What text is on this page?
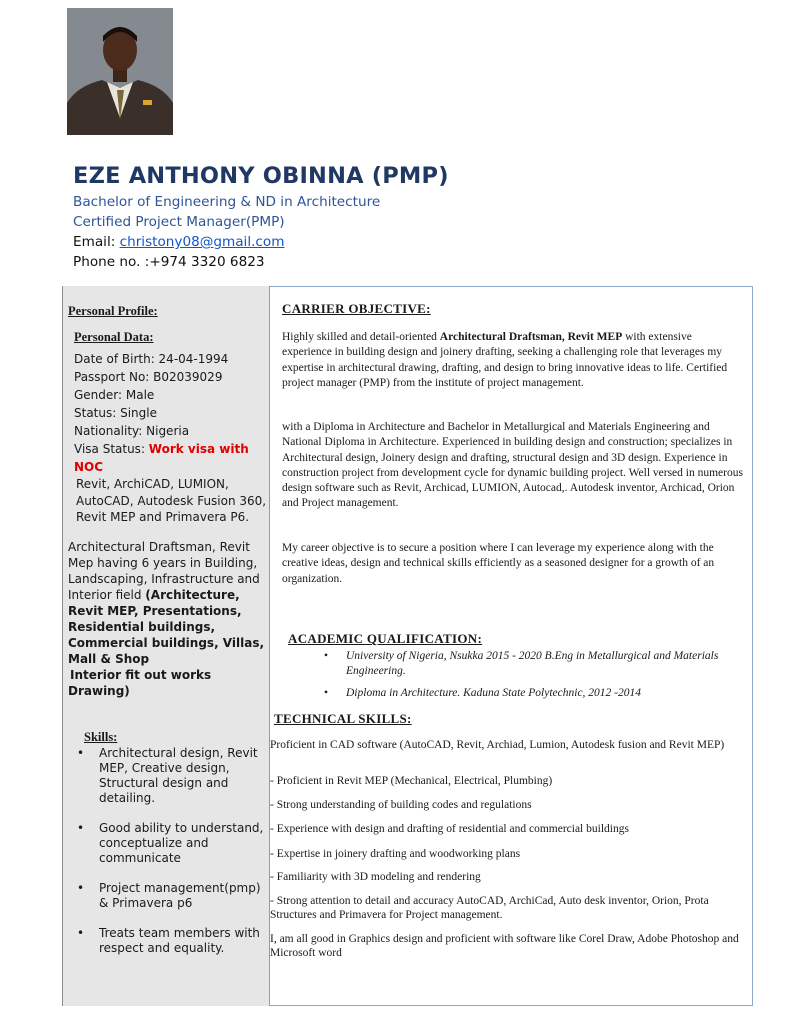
EZE ANTHONY OBINNA (PMP)
Bachelor of Engineering & ND in Architecture
Certified Project Manager(PMP)
Email: christony08@gmail.com
Phone no. :+974 3320 6823
Personal Profile:
Personal Data:
Date of Birth: 24-04-1994
Passport No: B02039029
Gender: Male
Status: Single
Nationality: Nigeria
Visa Status: Work visa with NOC
Revit, ArchiCAD, LUMION, AutoCAD, Autodesk Fusion 360, Revit MEP and Primavera P6.
Architectural Draftsman, Revit Mep having 6 years in Building, Landscaping, Infrastructure and Interior field (Architecture, Revit MEP, Presentations, Residential buildings, Commercial buildings, Villas, Mall & Shop
Interior fit out works Drawing)
Skills:
• Architectural design, Revit MEP, Creative design, Structural design and detailing.
• Good ability to understand, conceptualize and communicate
• Project management(pmp) & Primavera p6
• Treats team members with respect and equality.
CARRIER OBJECTIVE:
Highly skilled and detail-oriented Architectural Draftsman, Revit MEP with extensive experience in building design and joinery drafting, seeking a challenging role that leverages my expertise in architectural drawing, drafting, and design to bring innovative ideas to life. Certified project manager (PMP) from the institute of project management.
with a Diploma in Architecture and Bachelor in Metallurgical and Materials Engineering and National Diploma in Architecture. Experienced in building design and construction; specializes in Architectural design, Joinery design and drafting, structural design and 3D design. Experience in construction project from development cycle for dynamic building project. Well versed in numerous design software such as Revit, Archicad, LUMION, Autocad,. Autodesk inventor, Archicad, Orion and Project management.
My career objective is to secure a position where I can leverage my experience along with the creative ideas, design and technical skills efficiently as a seasoned designer for a growth of an organization.
ACADEMIC QUALIFICATION:
• University of Nigeria, Nsukka 2015 - 2020 B.Eng in Metallurgical and Materials Engineering.
• Diploma in Architecture. Kaduna State Polytechnic, 2012 -2014
TECHNICAL SKILLS:
Proficient in CAD software (AutoCAD, Revit, Archiad, Lumion, Autodesk fusion and Revit MEP)
- Proficient in Revit MEP (Mechanical, Electrical, Plumbing)
- Strong understanding of building codes and regulations
- Experience with design and drafting of residential and commercial buildings
- Expertise in joinery drafting and woodworking plans
- Familiarity with 3D modeling and rendering
- Strong attention to detail and accuracy AutoCAD, ArchiCad, Auto desk inventor, Orion, Prota Structures and Primavera for Project management.
I, am all good in Graphics design and proficient with software like Corel Draw, Adobe Photoshop and Microsoft word
